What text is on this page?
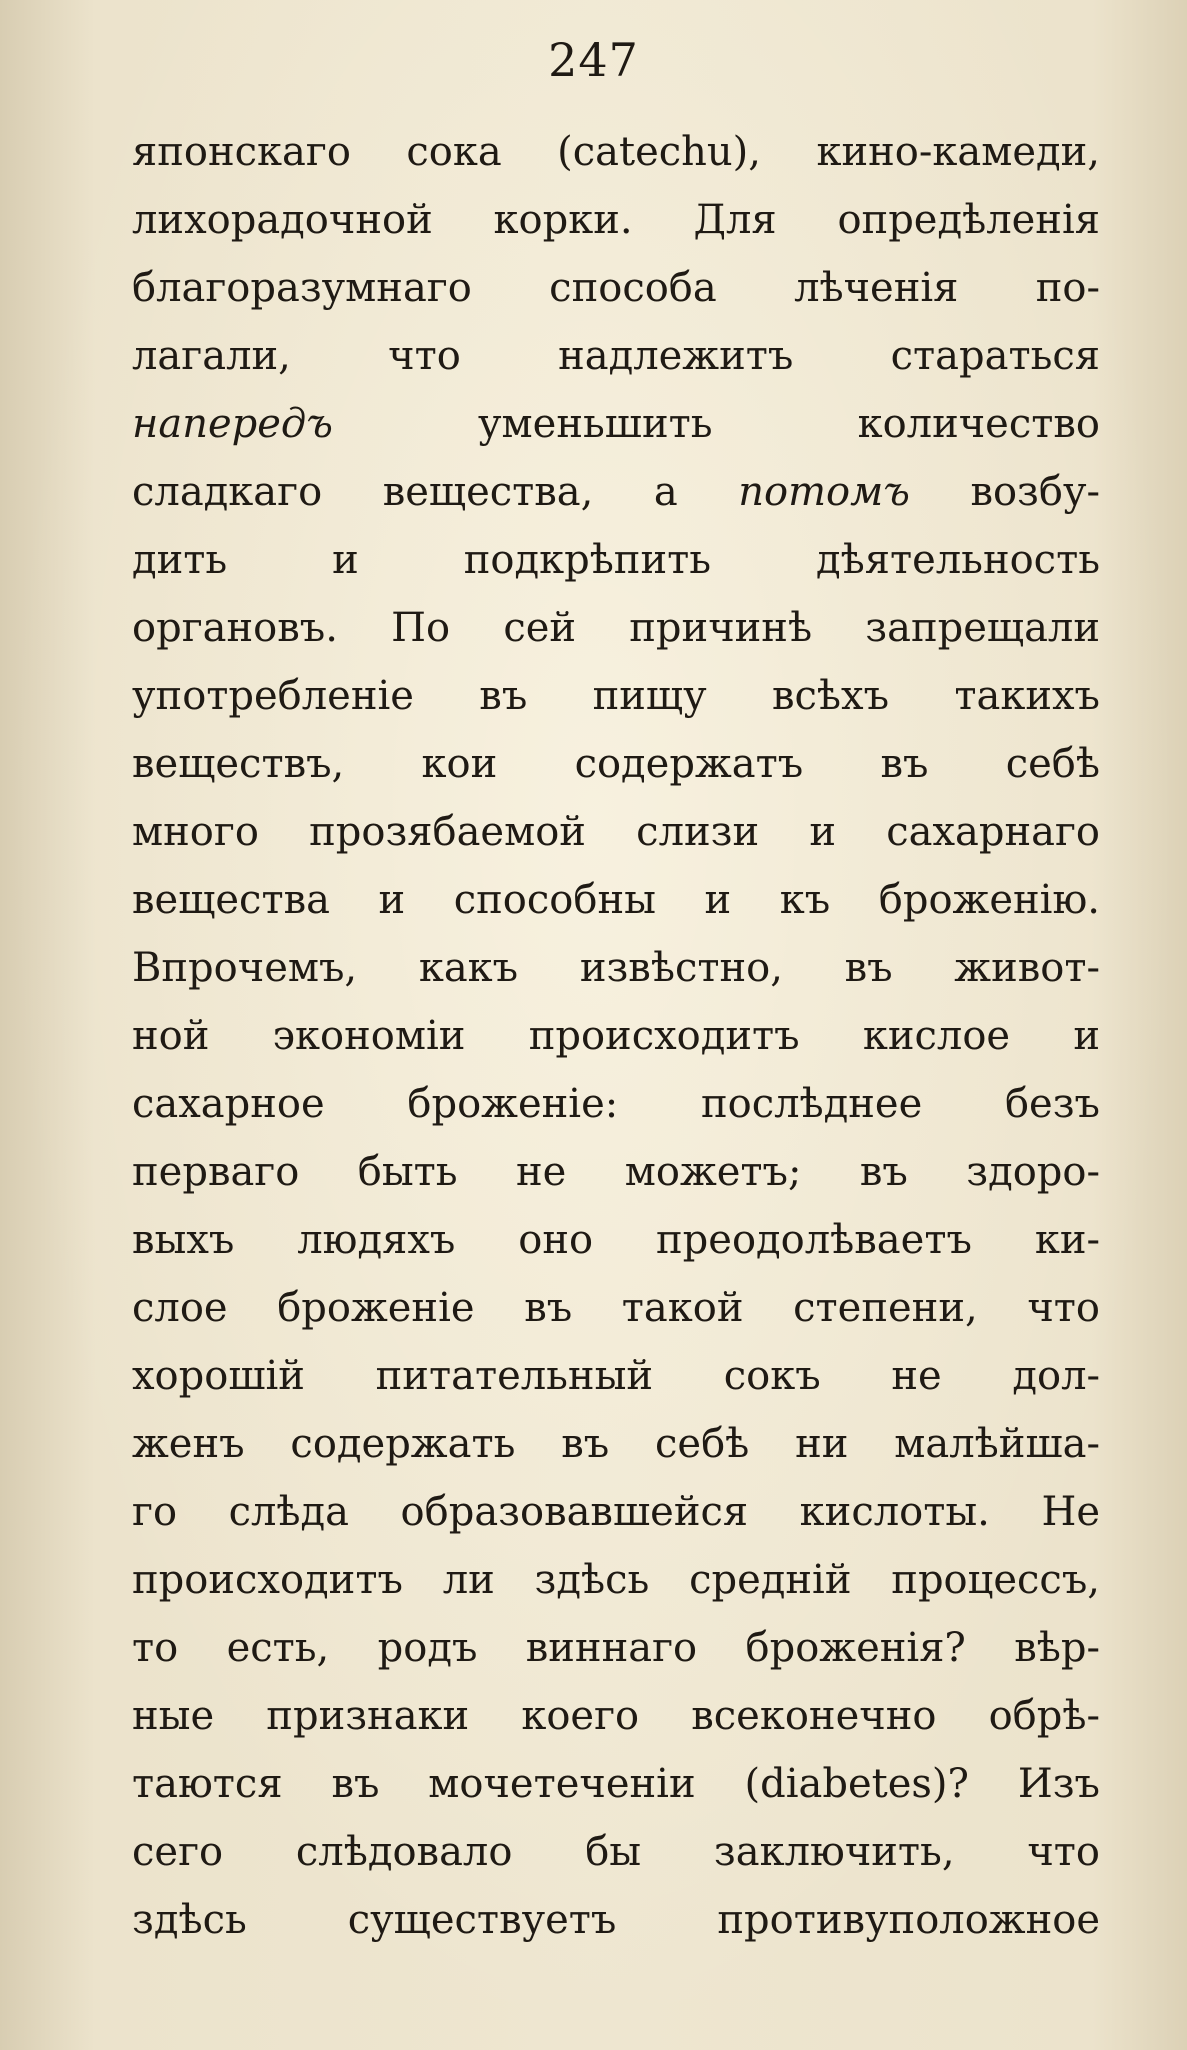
247
японскаго сока (catechu), кино-камеди,
лихорадочной корки. Для опредѣленія
благоразумнаго способа лѣченія по-
лагали, что надлежитъ стараться
напередъ	уменьшить количество
сладкаго вещества, а потомъ возбу-
дить и подкрѣпить дѣятельность
органовъ. По сей причинѣ запрещали
употребленіе въ пищу всѣхъ такихъ
веществъ, кои содержатъ въ себѣ
много прозябаемой слизи и сахарнаго
вещества и способны и къ броженію.
Впрочемъ, какъ извѣстно, въ живот-
ной экономіи происходитъ кислое и
сахарное броженіе: послѣднее безъ
перваго быть не можетъ; въ здоро-
выхъ людяхъ оно преодолѣваетъ ки-
слое броженіе въ такой степени, что
хорошій питательный сокъ не дол-
женъ содержать въ себѣ ни малѣйша-
го слѣда образовавшейся кислоты. Не
происходитъ ли здѣсь средній процессъ,
то есть, родъ виннаго броженія? вѣр-
ные признаки коего всеконечно обрѣ-
таются въ мочетеченіи (diabetes)? Изъ
сего слѣдовало бы заключить, что
здѣсь существуетъ противуположное
